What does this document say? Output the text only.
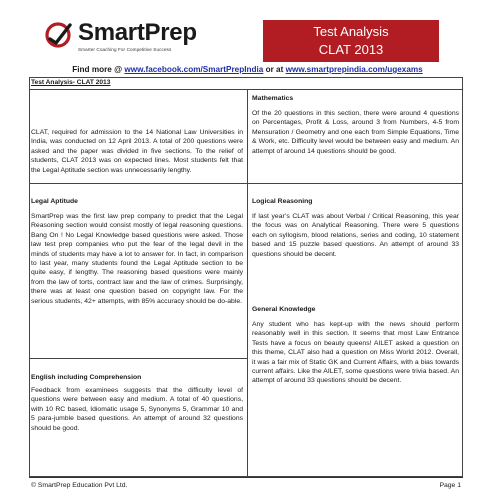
SmartPrep
Smarter Coaching For Competitive Success
Test Analysis
CLAT 2013
Find more @ www.facebook.com/SmartPrepIndia or at www.smartprepindia.com/ugexams
Test Analysis- CLAT 2013
CLAT, required for admission to the 14 National Law Universities in India, was conducted on 12 April 2013. A total of 200 questions were asked and the paper was divided in five sections. To the relief of students, CLAT 2013 was on expected lines. Most students felt that the Legal Aptitude section was unnecessarily lengthy.
Legal Aptitude
SmartPrep was the first law prep company to predict that the Legal Reasoning section would consist mostly of legal reasoning questions. Bang On ! No Legal Knowledge based questions were asked. Those law test prep companies who put the fear of the legal devil in the minds of students may have a lot to answer for. In fact, in comparison to last year, many students found the Legal Aptitude section to be quite easy, if lengthy. The reasoning based questions were mainly from the law of torts, contract law and the law of crimes. Surprisingly, there was at least one question based on copyright law. For the serious students, 42+ attempts, with 85% accuracy should be do-able.
English including Comprehension
Feedback from examinees suggests that the difficulty level of questions were between easy and medium. A total of 40 questions, with 10 RC based, Idiomatic usage 5, Synonyms 5, Grammar 10 and 5 para-jumble based questions. An attempt of around 32 questions should be good.
Mathematics
Of the 20 questions in this section, there were around 4 questions on Percentages, Profit & Loss, around 3 from Numbers, 4-5 from Mensuration / Geometry and one each from Simple Equations, Time & Work, etc. Difficulty level would be between easy and medium. An attempt of around 14 questions should be good.
Logical Reasoning
If last year’s CLAT was about Verbal / Critical Reasoning, this year the focus was on Analytical Reasoning. There were 5 questions each on syllogism, blood relations, series and coding, 10 statement based and 15 puzzle based questions. An attempt of around 33 questions should be decent.
General Knowledge
Any student who has kept-up with the news should perform reasonably well in this section. It seems that most Law Entrance Tests have a focus on beauty queens! AILET asked a question on this theme, CLAT also had a question on Miss World 2012. Overall, it was a fair mix of Static GK and Current Affairs, with a bias towards current affairs. Like the AILET, some questions were trivia based. An attempt of around 33 questions should be decent.
© SmartPrep Education Pvt Ltd.	Page 1
